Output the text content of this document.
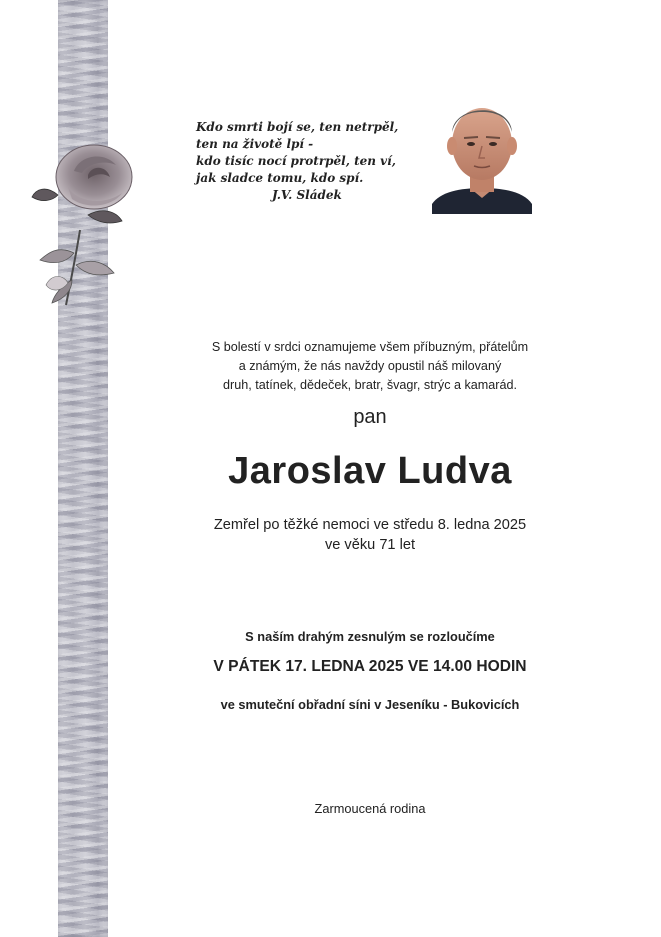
Kdo smrti bojí se, ten netrpěl,
ten na životě lpí -
kdo tisíc nocí protrpěl, ten ví,
jak sladce tomu, kdo spí.
J.V. Sládek
S bolestí v srdci oznamujeme všem příbuzným, přátelům
a známým, že nás navždy opustil náš milovaný
druh, tatínek, dědeček, bratr, švagr, strýc a kamarád.
pan
Jaroslav Ludva
Zemřel po těžké nemoci ve středu 8. ledna 2025
ve věku 71 let
S naším drahým zesnulým se rozloučíme
V PÁTEK 17. LEDNA 2025 VE 14.00 HODIN
ve smuteční obřadní síni v Jeseníku - Bukovicích
Zarmoucená rodina
